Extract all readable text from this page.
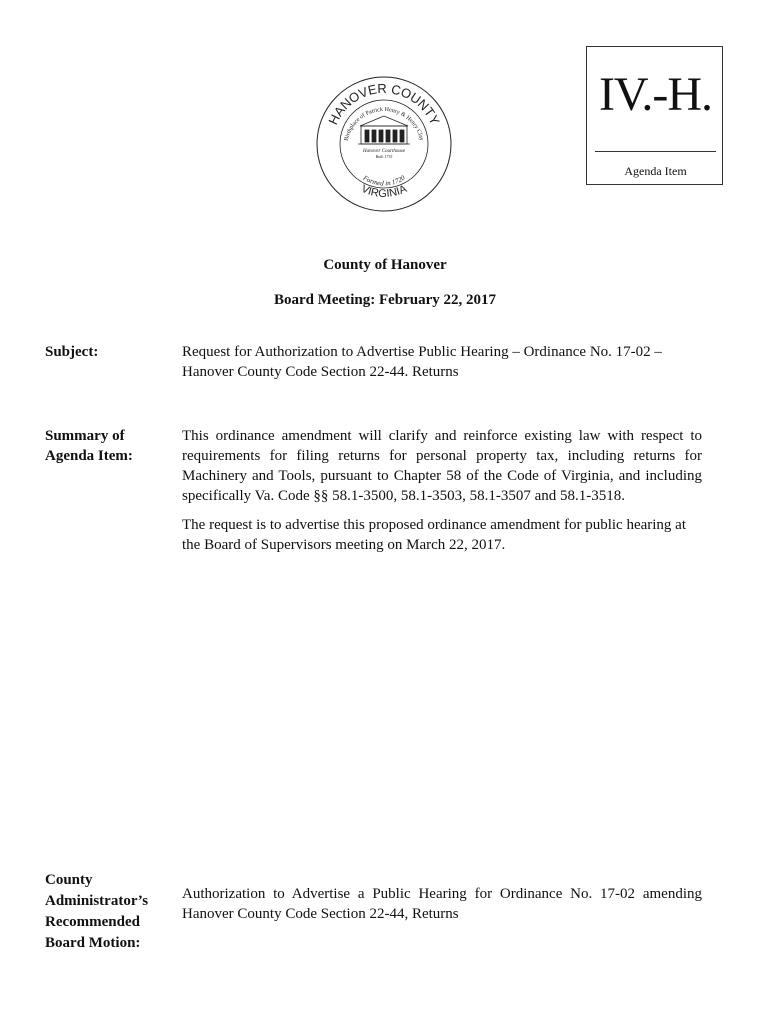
HANOVER COUNTY
Birthplace of Patrick Henry & Henry Clay
Hanover Courthouse
Built 1735
Formed in 1720
VIRGINIA
IV.-H.
Agenda Item
County of Hanover
Board Meeting: February 22, 2017
Subject:	Request for Authorization to Advertise Public Hearing – Ordinance No. 17-02 – Hanover County Code Section 22-44. Returns
Summary of Agenda Item:

This ordinance amendment will clarify and reinforce existing law with respect to requirements for filing returns for personal property tax, including returns for Machinery and Tools, pursuant to Chapter 58 of the Code of Virginia, and including specifically Va. Code §§ 58.1-3500, 58.1-3503, 58.1-3507 and 58.1-3518.

The request is to advertise this proposed ordinance amendment for public hearing at the Board of Supervisors meeting on March 22, 2017.

County Administrator’s Recommended Board Motion:
Authorization to Advertise a Public Hearing for Ordinance No. 17-02 amending Hanover County Code Section 22-44, Returns
